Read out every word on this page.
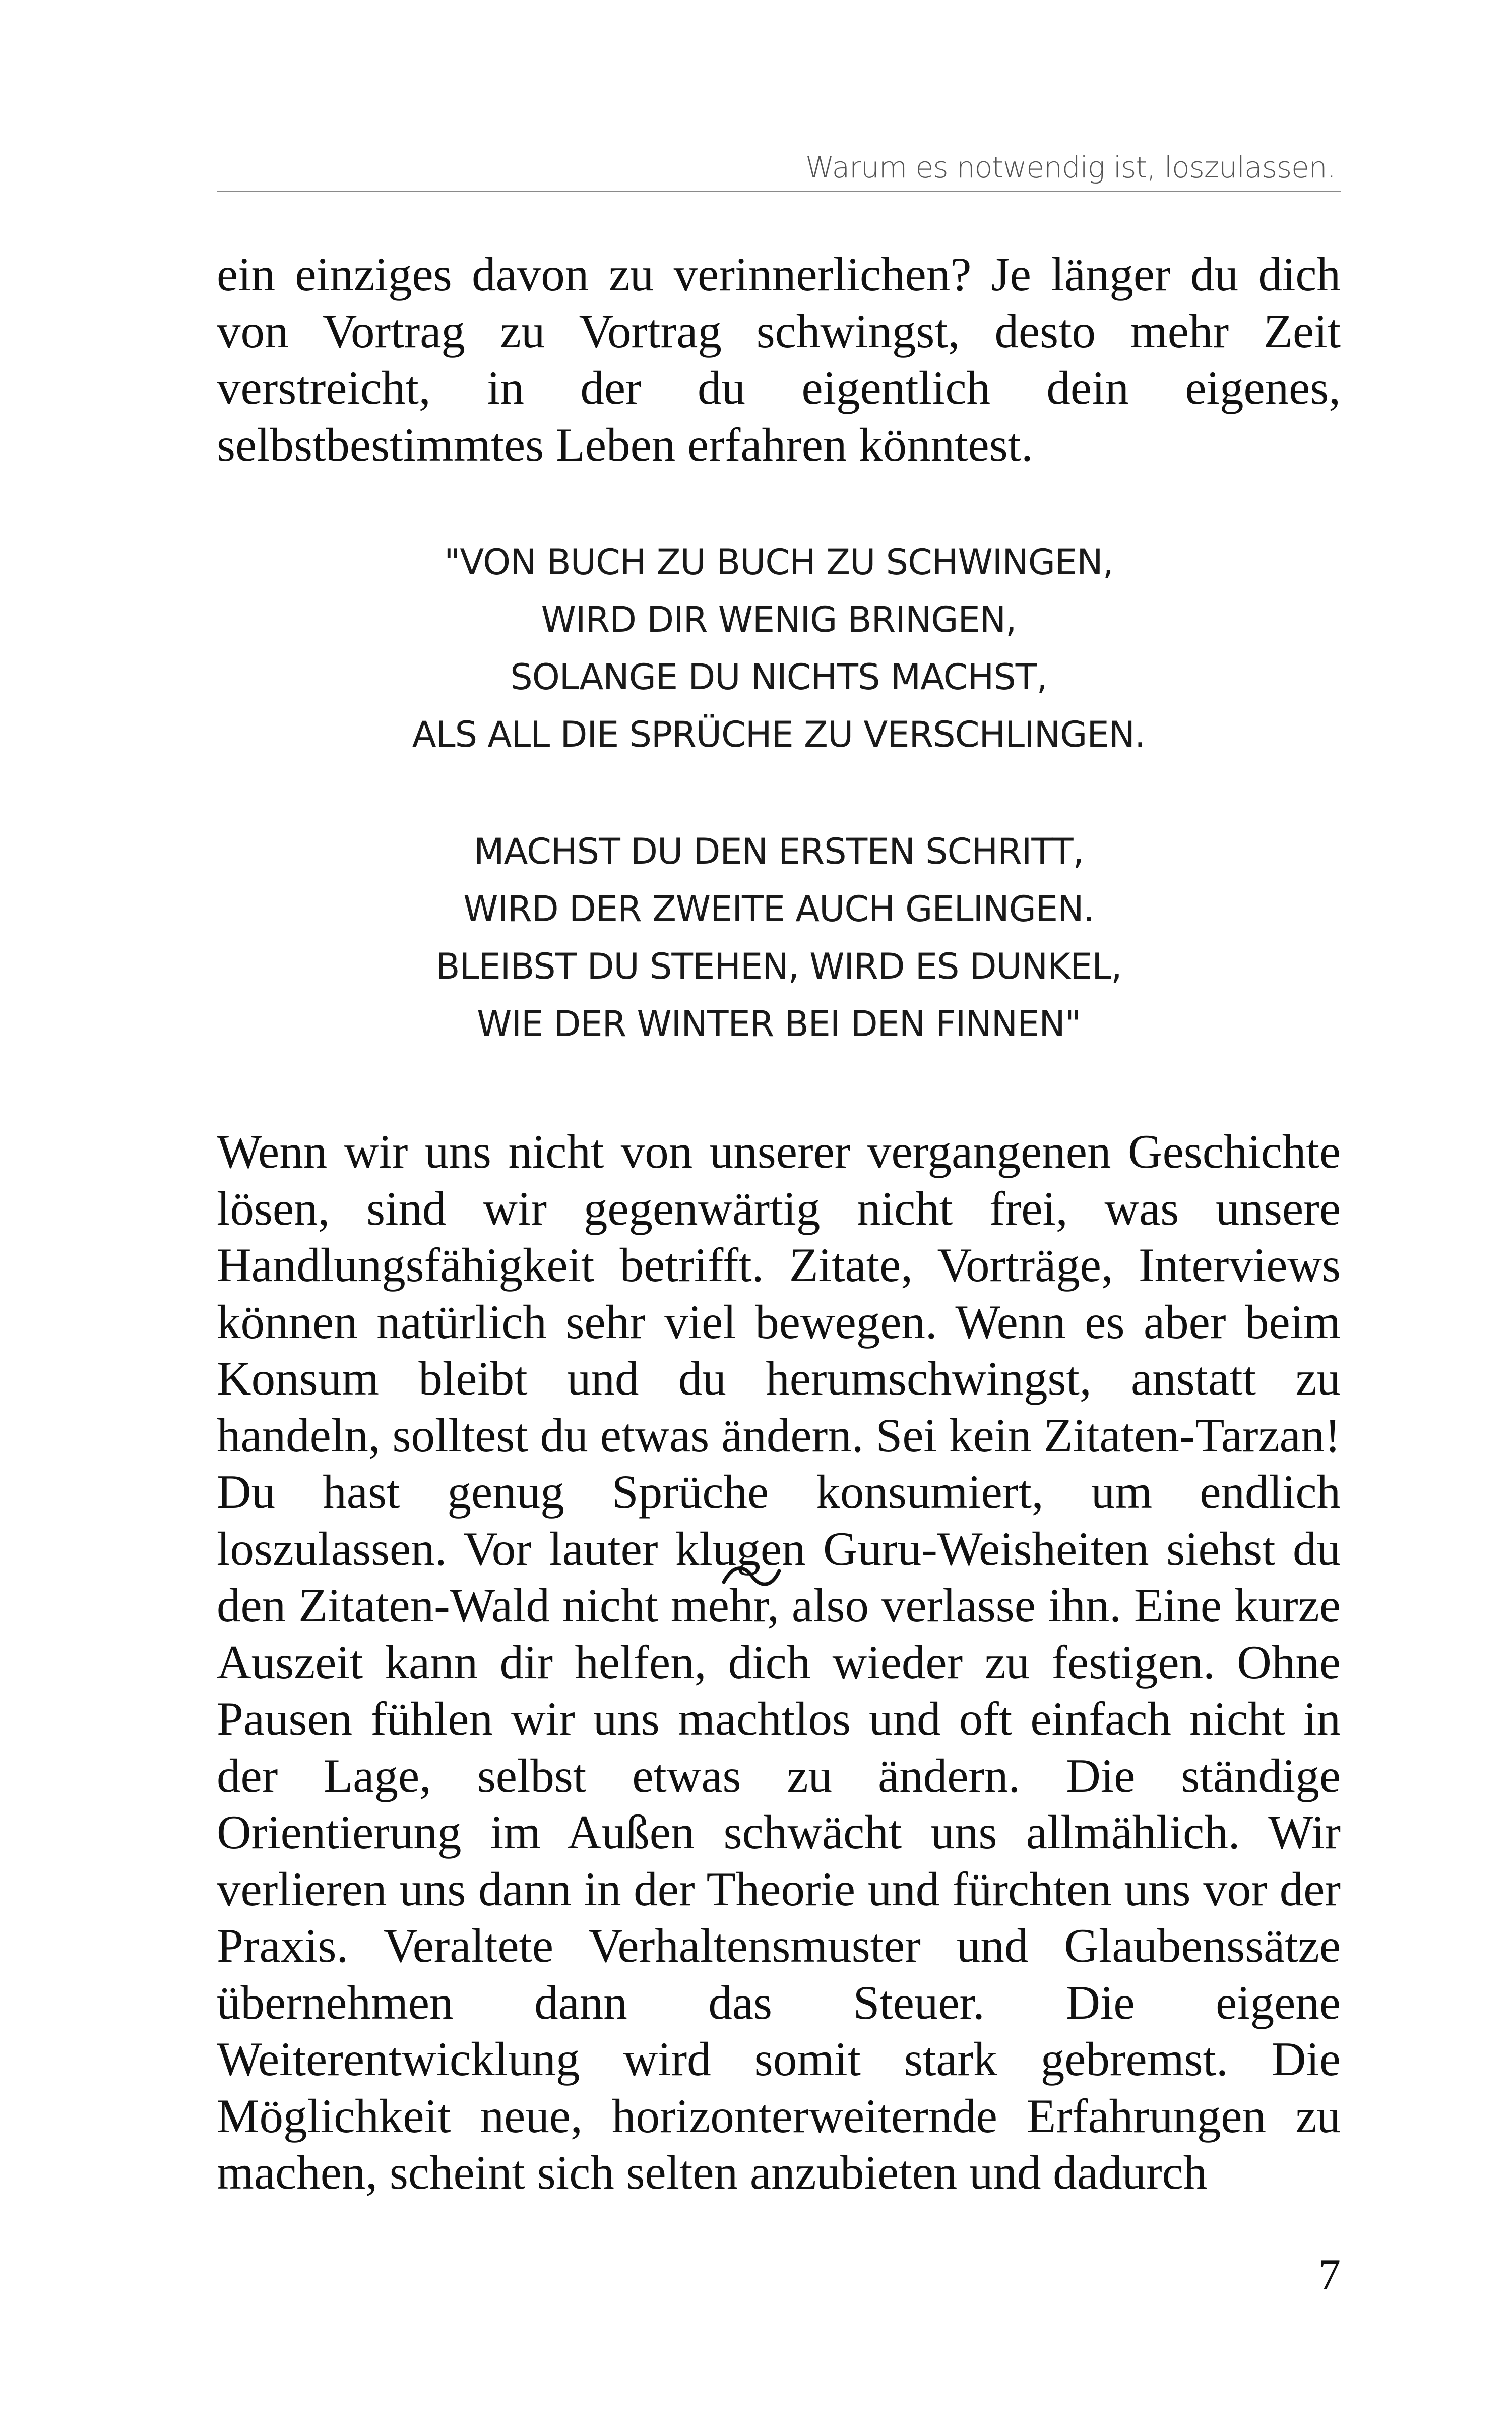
Warum es notwendig ist, loszulassen.

ein einziges davon zu verinnerlichen? Je länger du dich von Vortrag zu Vortrag schwingst, desto mehr Zeit verstreicht, in der du eigentlich dein eigenes, selbstbestimmtes Leben erfahren könntest.

"VON BUCH ZU BUCH ZU SCHWINGEN,
WIRD DIR WENIG BRINGEN,
SOLANGE DU NICHTS MACHST,
ALS ALL DIE SPRÜCHE ZU VERSCHLINGEN.
MACHST DU DEN ERSTEN SCHRITT,
WIRD DER ZWEITE AUCH GELINGEN.
BLEIBST DU STEHEN, WIRD ES DUNKEL,
WIE DER WINTER BEI DEN FINNEN"

Wenn wir uns nicht von unserer vergangenen Geschichte lösen, sind wir gegenwärtig nicht frei, was unsere Handlungsfähigkeit betrifft. Zitate, Vorträge, Interviews können natürlich sehr viel bewegen. Wenn es aber beim Konsum bleibt und du herumschwingst, anstatt zu handeln, solltest du etwas ändern. Sei kein Zitaten-Tarzan! Du hast genug Sprüche konsumiert, um endlich loszulassen. Vor lauter klugen Guru-Weisheiten siehst du den Zitaten-Wald nicht mehr, also verlasse ihn. Eine kurze Auszeit kann dir helfen, dich wieder zu festigen. Ohne Pausen fühlen wir uns machtlos und oft einfach nicht in der Lage, selbst etwas zu ändern. Die ständige Orientierung im Außen schwächt uns allmählich. Wir verlieren uns dann in der Theorie und fürchten uns vor der Praxis. Veraltete Verhaltensmuster und Glaubenssätze übernehmen dann das Steuer. Die eigene Weiterentwicklung wird somit stark gebremst. Die Möglichkeit neue, horizonterweiternde Erfahrungen zu machen, scheint sich selten anzubieten und dadurch

7
